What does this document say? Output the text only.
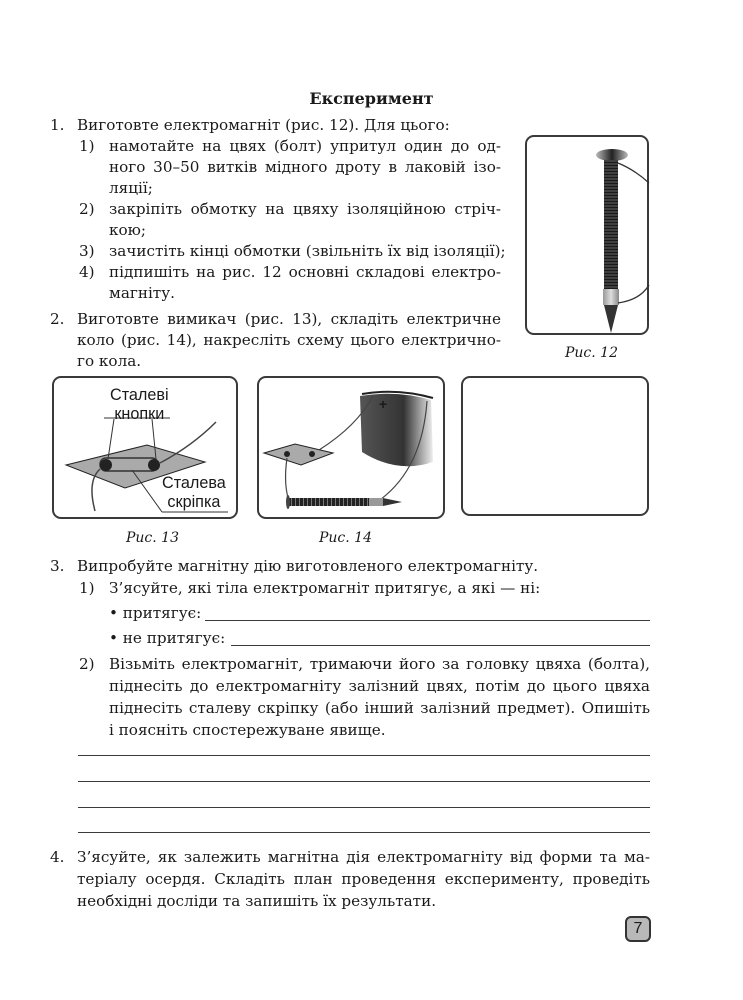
Експеримент
1. Виготовте електромагніт (рис. 12). Для цього:
1) намотайте на цвях (болт) упритул один до од-
ного 30–50 витків мідного дроту в лаковій ізо-
ляції;
2) закріпіть обмотку на цвяху ізоляційною стріч-
кою;
3) зачистіть кінці обмотки (звільніть їх від ізоляції);
4) підпишіть на рис. 12 основні складові електро-
магніту.
2. Виготовте вимикач (рис. 13), складіть електричне
коло (рис. 14), накресліть схему цього електрично-
го кола.	Рис. 12
Сталеві
кнопки
Сталева
скріпка
Рис. 13
+
Рис. 14
3. Випробуйте магнітну дію виготовленого електромагніту.
1) З’ясуйте, які тіла електромагніт притягує, а які — ні:
• притягує:
• не притягує:
2) Візьміть електромагніт, тримаючи його за головку цвяха (болта),
піднесіть до електромагніту залізний цвях, потім до цього цвяха
піднесіть сталеву скріпку (або інший залізний предмет). Опишіть
і поясніть спостережуване явище.
4. З’ясуйте, як залежить магнітна дія електромагніту від форми та ма-
теріалу осердя. Складіть план проведення експерименту, проведіть
необхідні досліди та запишіть їх результати.
7
